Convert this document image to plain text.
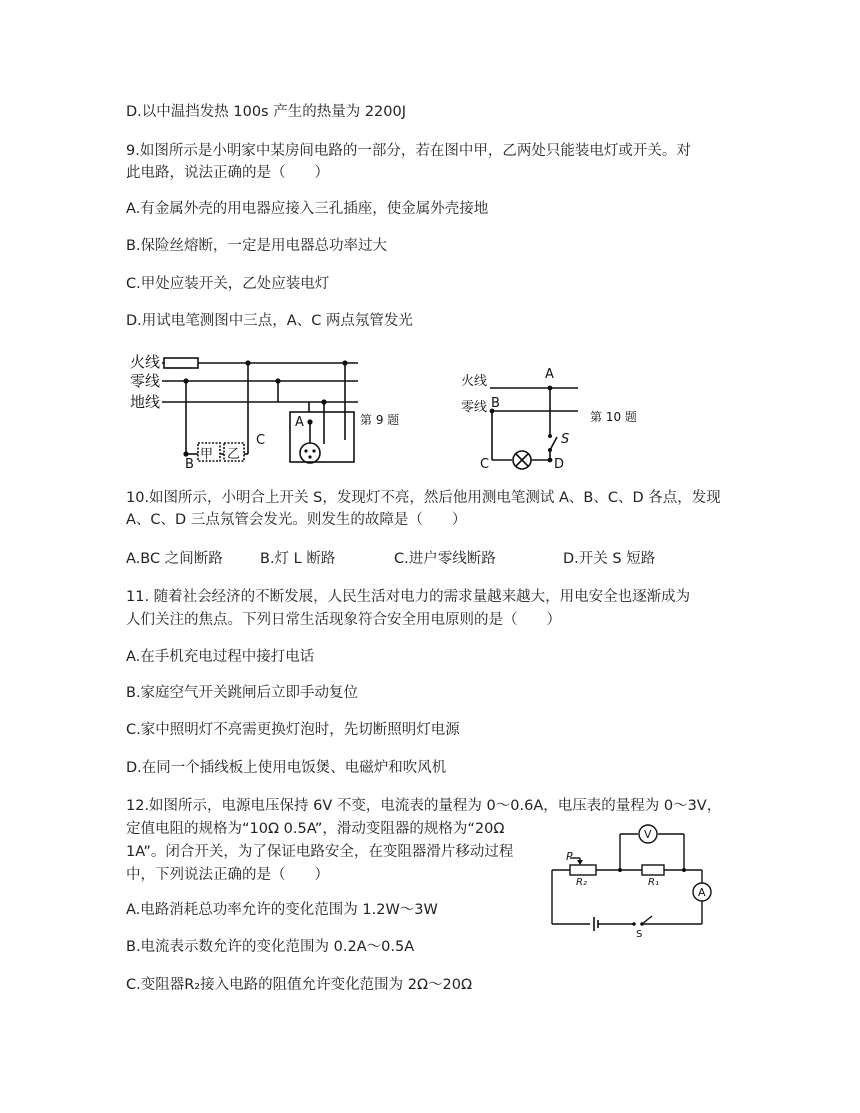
D.以中温挡发热 100s 产生的热量为 2200J
9.如图所示是小明家中某房间电路的一部分，若在图中甲，乙两处只能装电灯或开关。对
此电路，说法正确的是（　　）
A.有金属外壳的用电器应接入三孔插座，使金属外壳接地
B.保险丝熔断，一定是用电器总功率过大
C.甲处应装开关，乙处应装电灯
D.用试电笔测图中三点，A、C 两点氖管发光
火线
零线
地线
甲 乙
A
B
C
第 9 题
火线
零线
A
B
C	D
S
第 10 题
10.如图所示，小明合上开关 S，发现灯不亮，然后他用测电笔测试 A、B、C、D 各点，发现
A、C、D 三点氖管会发光。则发生的故障是（　　）
A.BC 之间断路	B.灯 L 断路	C.进户零线断路	D.开关 S 短路
11. 随着社会经济的不断发展，人民生活对电力的需求量越来越大，用电安全也逐渐成为
人们关注的焦点。下列日常生活现象符合安全用电原则的是（　　）
A.在手机充电过程中接打电话
B.家庭空气开关跳闸后立即手动复位
C.家中照明灯不亮需更换灯泡时，先切断照明灯电源
D.在同一个插线板上使用电饭煲、电磁炉和吹风机
12.如图所示，电源电压保持 6V 不变，电流表的量程为 0～0.6A，电压表的量程为 0～3V，
定值电阻的规格为“10Ω 0.5A”，滑动变阻器的规格为“20Ω
1A”。闭合开关，为了保证电路安全，在变阻器滑片移动过程
中，下列说法正确的是（　　）
V
A
R₁
R₂
P
S
A.电路消耗总功率允许的变化范围为 1.2W～3W
B.电流表示数允许的变化范围为 0.2A～0.5A
C.变阻器R₂接入电路的阻值允许变化范围为 2Ω～20Ω
